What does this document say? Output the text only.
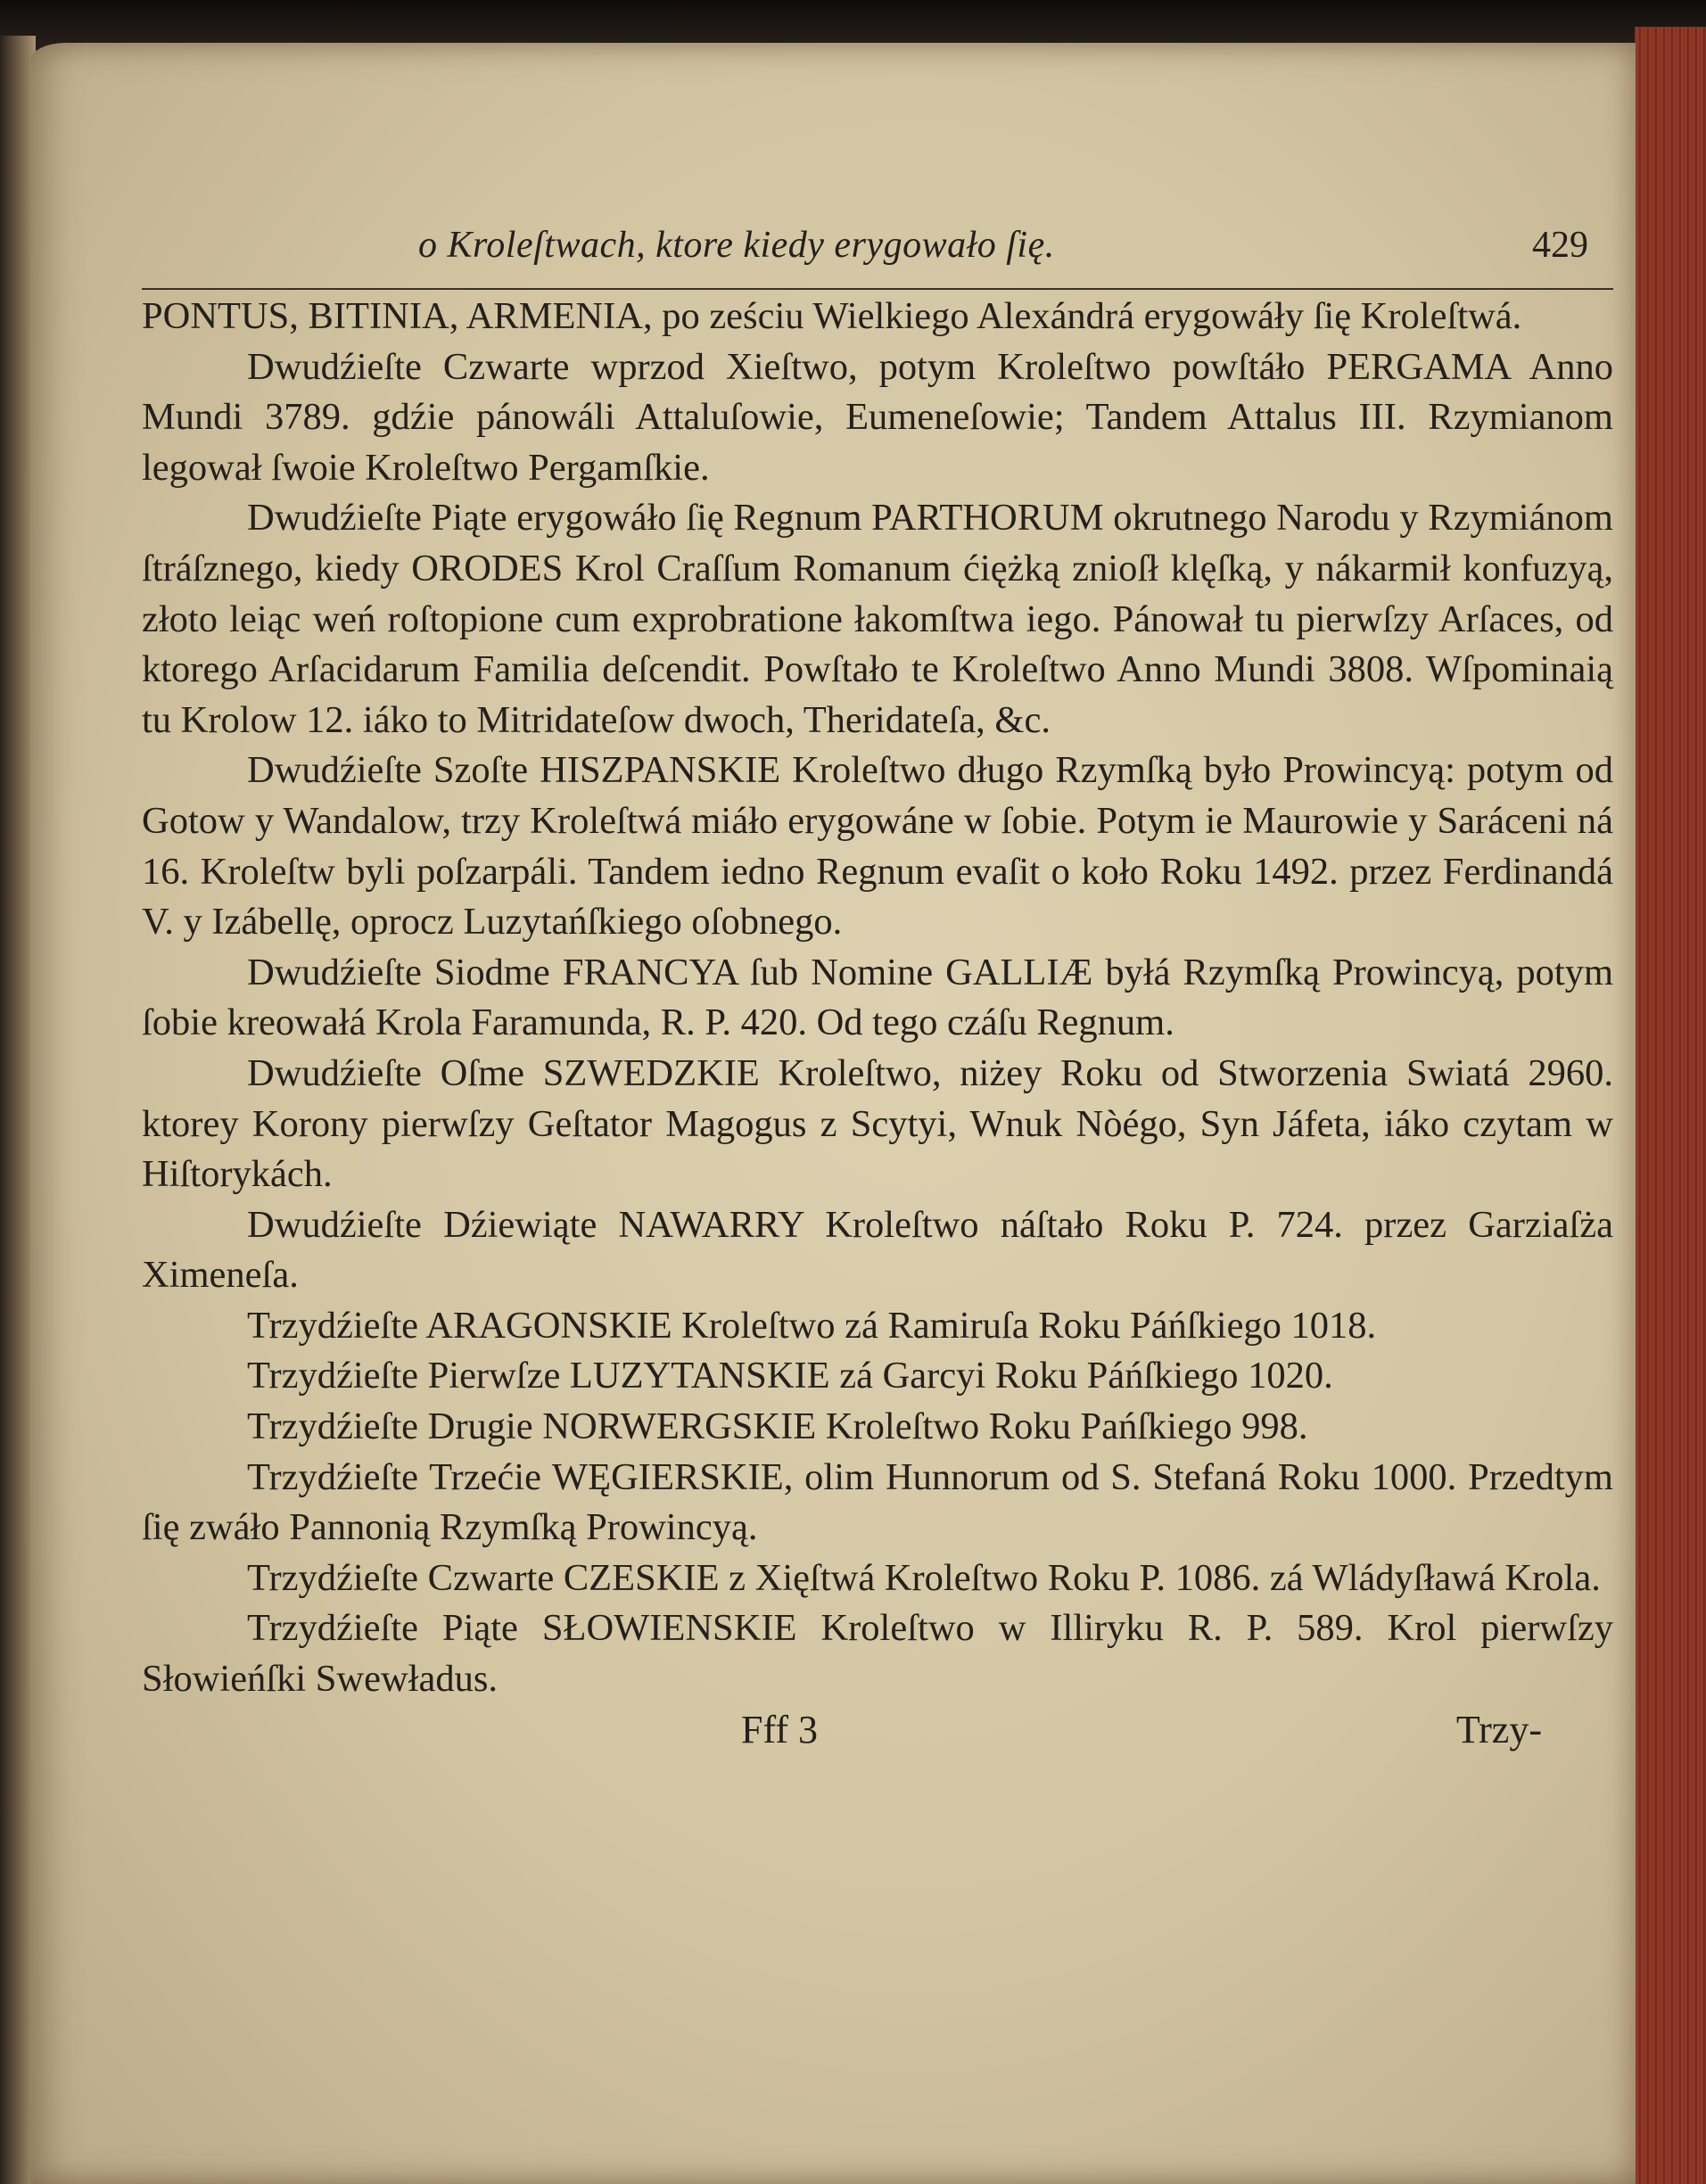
o Kroleſtwach, ktore kiedy erygowało ſię.	429

PONTUS, BITINIA, ARMENIA, po ześciu Wielkiego Alexándrá erygowáły ſię Kroleſtwá.

Dwudźieſte Czwarte wprzod Xieſtwo, potym Kroleſtwo powſtáło PERGAMA Anno Mundi 3789. gdźie pánowáli Attaluſowie, Eumeneſowie; Tandem Attalus III. Rzymianom legował ſwoie Kroleſtwo Pergamſkie.

Dwudźieſte Piąte erygowáło ſię Regnum PARTHORUM okrutnego Narodu y Rzymiánom ſtráſznego, kiedy ORODES Krol Craſſum Romanum ćiężką znioſł klęſką, y nákarmił konfuzyą, złoto leiąc weń roſtopione cum exprobratione łakomſtwa iego. Pánował tu pierwſzy Arſaces, od ktorego Arſacidarum Familia deſcendit. Powſtało te Kroleſtwo Anno Mundi 3808. Wſpominaią tu Krolow 12. iáko to Mitridateſow dwoch, Theridateſa, &c.

Dwudźieſte Szoſte HISZPANSKIE Kroleſtwo długo Rzymſką było Prowincyą: potym od Gotow y Wandalow, trzy Kroleſtwá miáło erygowáne w ſobie. Potym ie Maurowie y Saráceni ná 16. Kroleſtw byli poſzarpáli. Tandem iedno Regnum evaſit o koło Roku 1492. przez Ferdinandá V. y Izábellę, oprocz Luzytańſkiego oſobnego.

Dwudźieſte Siodme FRANCYA ſub Nomine GALLIÆ byłá Rzymſką Prowincyą, potym ſobie kreowałá Krola Faramunda, R. P. 420. Od tego czáſu Regnum.

Dwudźieſte Oſme SZWEDZKIE Kroleſtwo, niżey Roku od Stworzenia Swiatá 2960. ktorey Korony pierwſzy Geſtator Magogus z Scytyi, Wnuk Nòégo, Syn Jáfeta, iáko czytam w Hiſtorykách.

Dwudźieſte Dźiewiąte NAWARRY Kroleſtwo náſtało Roku P. 724. przez Garziaſża Ximeneſa.

Trzydźieſte ARAGONSKIE Kroleſtwo zá Ramiruſa Roku Páńſkiego 1018.

Trzydźieſte Pierwſze LUZYTANSKIE zá Garcyi Roku Páńſkiego 1020.

Trzydźieſte Drugie NORWERGSKIE Kroleſtwo Roku Pańſkiego 998.

Trzydźieſte Trzećie WĘGIERSKIE, olim Hunnorum od S. Stefaná Roku 1000. Przedtym ſię zwáło Pannonią Rzymſką Prowincyą.

Trzydźieſte Czwarte CZESKIE z Xięſtwá Kroleſtwo Roku P. 1086. zá Wládyſławá Krola.

Trzydźieſte Piąte SŁOWIENSKIE Kroleſtwo w Illiryku R. P. 589. Krol pierwſzy Słowieńſki Swewładus.

Fff 3	Trzy-
